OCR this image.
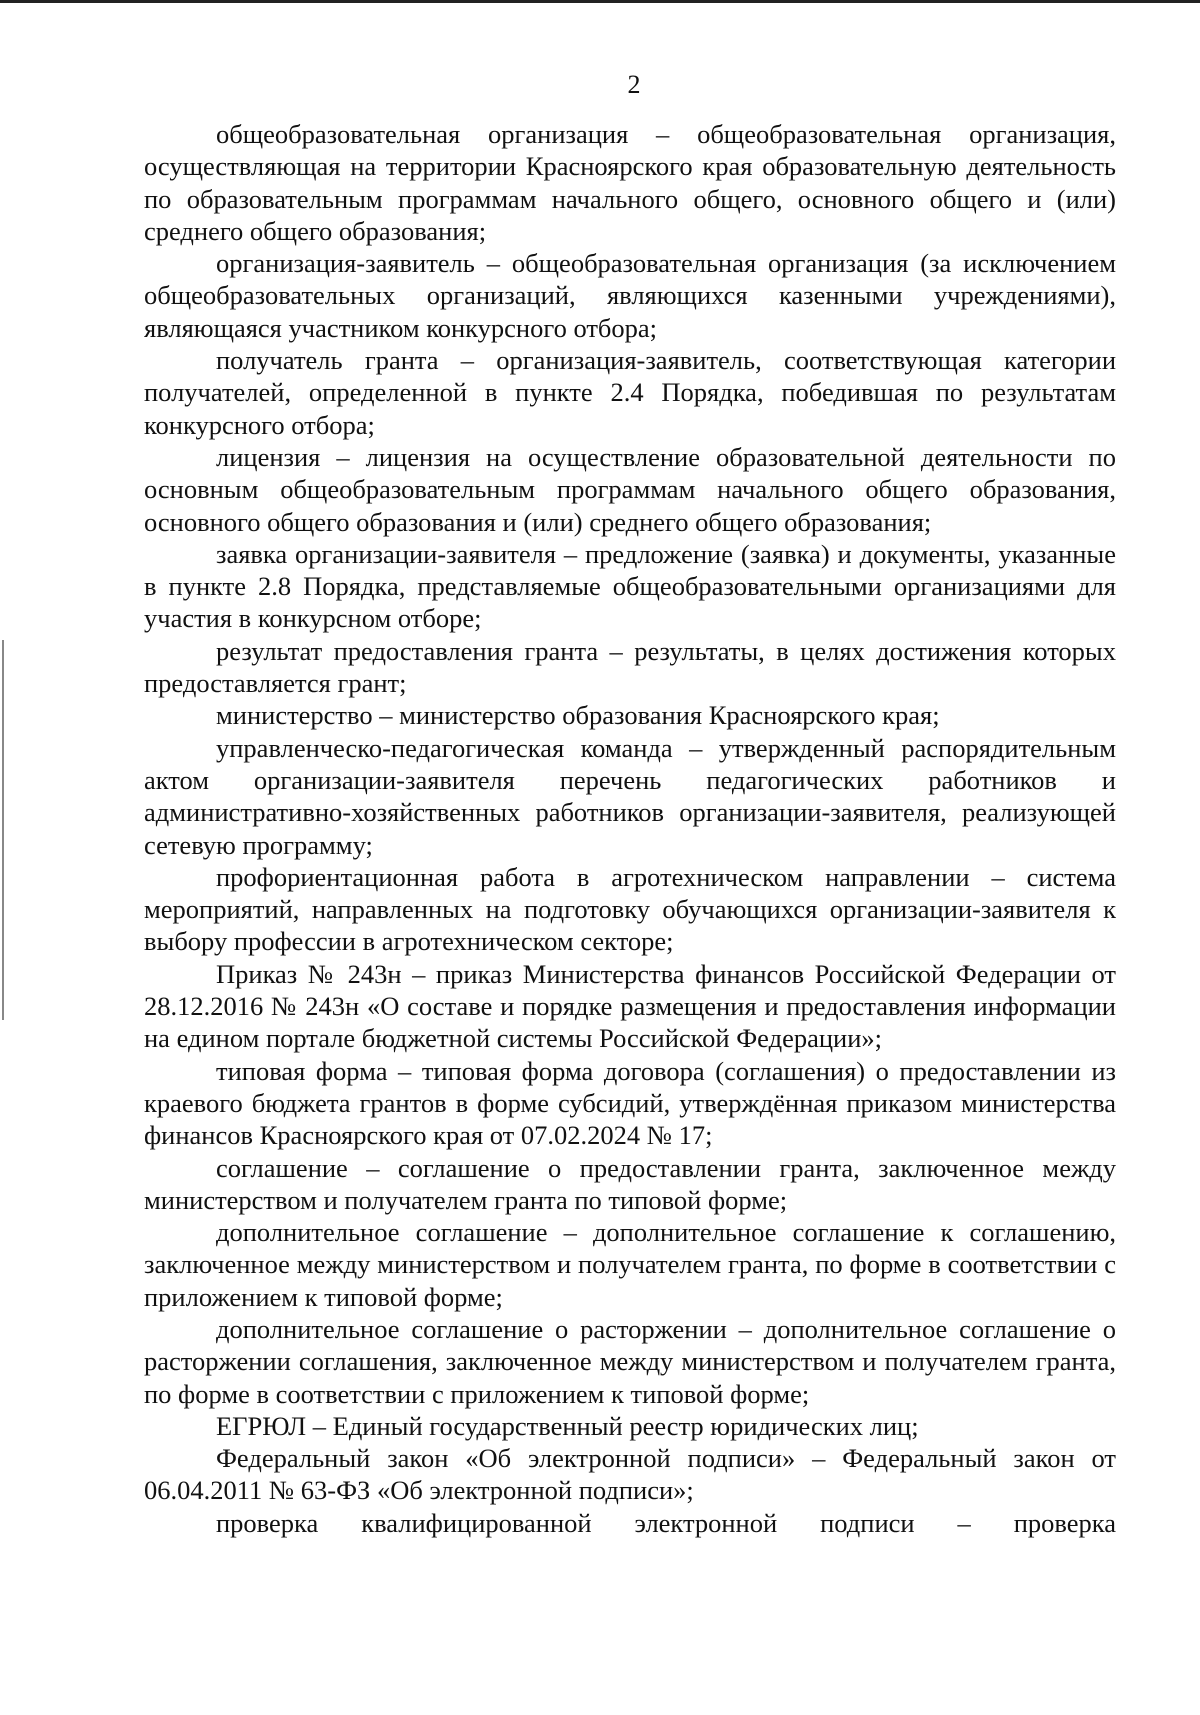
2

общеобразовательная организация – общеобразовательная организация, осуществляющая на территории Красноярского края образовательную деятельность по образовательным программам начального общего, основного общего и (или) среднего общего образования;

организация-заявитель – общеобразовательная организация (за исключением общеобразовательных организаций, являющихся казенными учреждениями), являющаяся участником конкурсного отбора;

получатель гранта – организация-заявитель, соответствующая категории получателей, определенной в пункте 2.4 Порядка, победившая по результатам конкурсного отбора;

лицензия – лицензия на осуществление образовательной деятельности по основным общеобразовательным программам начального общего образования, основного общего образования и (или) среднего общего образования;

заявка организации-заявителя – предложение (заявка) и документы, указанные в пункте 2.8 Порядка, представляемые общеобразовательными организациями для участия в конкурсном отборе;

результат предоставления гранта – результаты, в целях достижения которых предоставляется грант;

министерство – министерство образования Красноярского края;

управленческо-педагогическая команда – утвержденный распорядительным актом организации-заявителя перечень педагогических работников и административно-хозяйственных работников организации-заявителя, реализующей сетевую программу;

профориентационная работа в агротехническом направлении – система мероприятий, направленных на подготовку обучающихся организации-заявителя к выбору профессии в агротехническом секторе;

Приказ № 243н – приказ Министерства финансов Российской Федерации от 28.12.2016 № 243н «О составе и порядке размещения и предоставления информации на едином портале бюджетной системы Российской Федерации»;

типовая форма – типовая форма договора (соглашения) о предоставлении из краевого бюджета грантов в форме субсидий, утверждённая приказом министерства финансов Красноярского края от 07.02.2024 № 17;

соглашение – соглашение о предоставлении гранта, заключенное между министерством и получателем гранта по типовой форме;

дополнительное соглашение – дополнительное соглашение к соглашению, заключенное между министерством и получателем гранта, по форме в соответствии с приложением к типовой форме;

дополнительное соглашение о расторжении – дополнительное соглашение о расторжении соглашения, заключенное между министерством и получателем гранта, по форме в соответствии с приложением к типовой форме;

ЕГРЮЛ – Единый государственный реестр юридических лиц;

Федеральный закон «Об электронной подписи» – Федеральный закон от 06.04.2011 № 63-ФЗ «Об электронной подписи»;

проверка квалифицированной электронной подписи – проверка
